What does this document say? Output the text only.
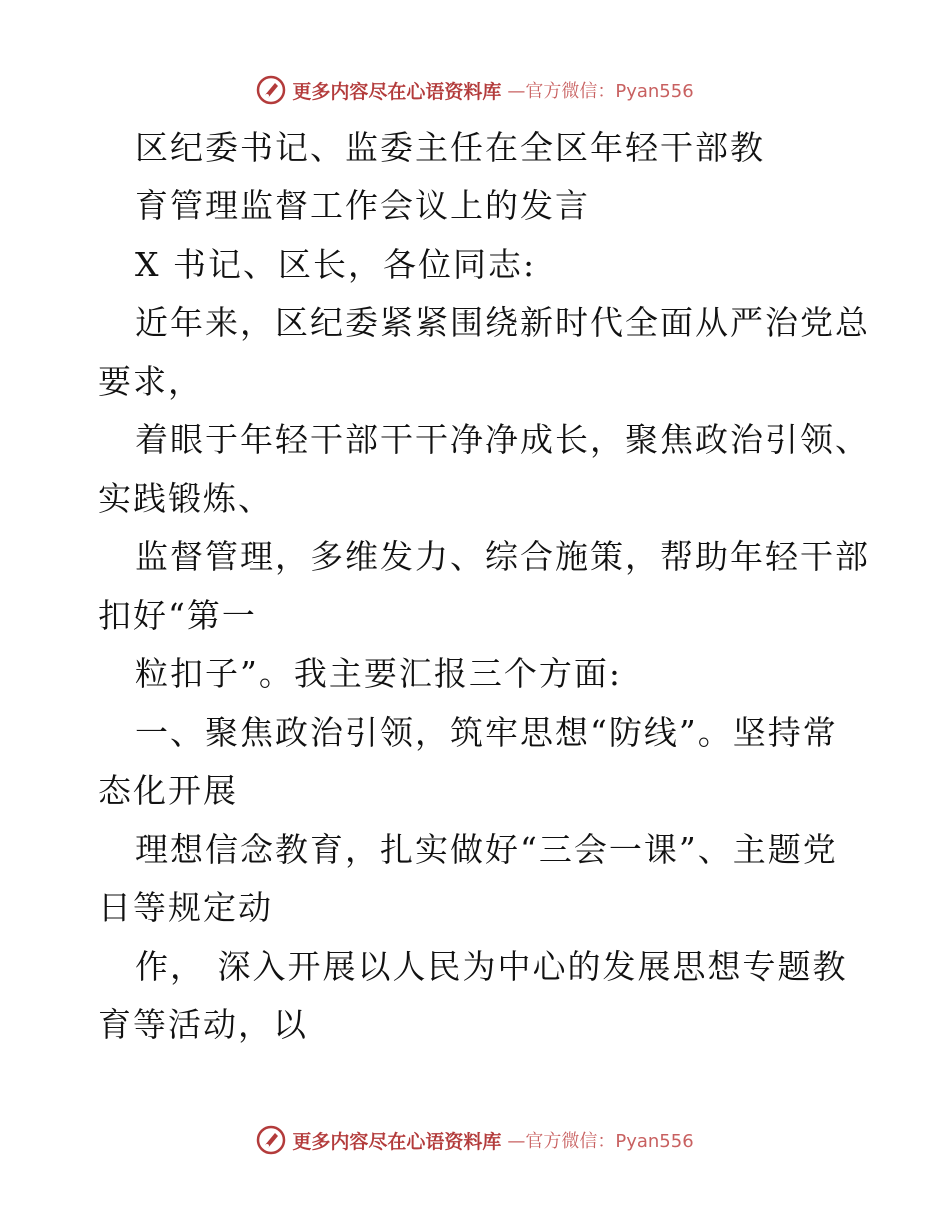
更多内容尽在心语资料库 —官方微信：Pyan556
区纪委书记、监委主任在全区年轻干部教
育管理监督工作会议上的发言
X 书记、区长，各位同志:
近年来，区纪委紧紧围绕新时代全面从严治党总
要求，
着眼于年轻干部干干净净成长，聚焦政治引领、
实践锻炼、
监督管理，多维发力、综合施策，帮助年轻干部
扣好“第一
粒扣子”。我主要汇报三个方面:
一、聚焦政治引领，筑牢思想“防线”。坚持常
态化开展
理想信念教育，扎实做好“三会一课”、主题党
日等规定动
作， 深入开展以人民为中心的发展思想专题教
育等活动，以
更多内容尽在心语资料库 —官方微信：Pyan556
